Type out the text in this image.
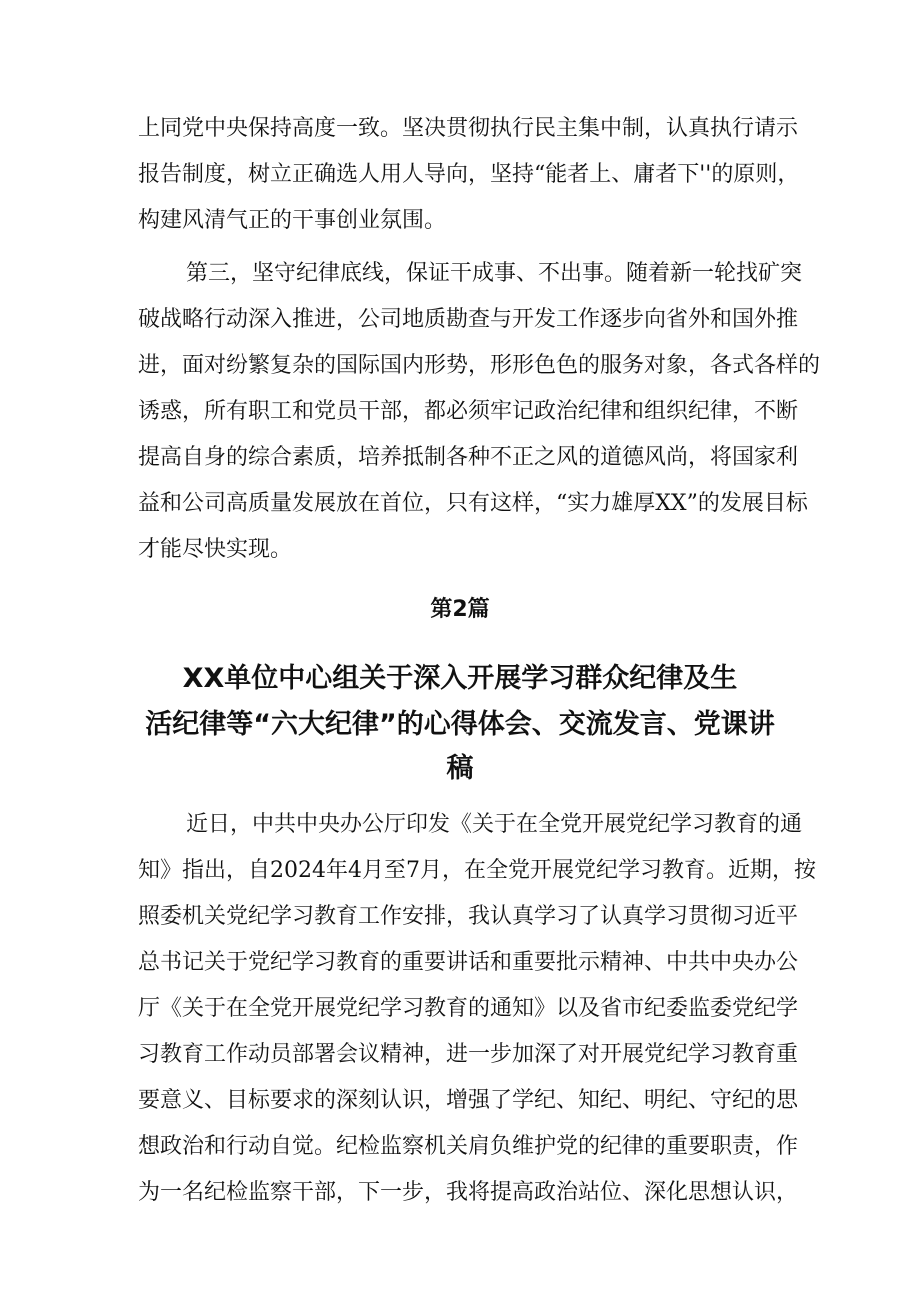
上同党中央保持高度一致。坚决贯彻执行民主集中制，认真执行请示
报告制度，树立正确选人用人导向，坚持“能者上、庸者下''的原则，
构建风清气正的干事创业氛围。
第三，坚守纪律底线，保证干成事、不出事。随着新一轮找矿突
破战略行动深入推进，公司地质勘查与开发工作逐步向省外和国外推
进，面对纷繁复杂的国际国内形势，形形色色的服务对象，各式各样的
诱惑，所有职工和党员干部，都必须牢记政治纪律和组织纪律，不断
提高自身的综合素质，培养抵制各种不正之风的道德风尚，将国家利
益和公司高质量发展放在首位，只有这样，“实力雄厚XX”的发展目标
才能尽快实现。
第2篇
XX单位中心组关于深入开展学习群众纪律及生
活纪律等“六大纪律”的心得体会、交流发言、党课讲
稿
近日，中共中央办公厅印发《关于在全党开展党纪学习教育的通
知》指出，自2024年4月至7月，在全党开展党纪学习教育。近期，按
照委机关党纪学习教育工作安排，我认真学习了认真学习贯彻习近平
总书记关于党纪学习教育的重要讲话和重要批示精神、中共中央办公
厅《关于在全党开展党纪学习教育的通知》以及省市纪委监委党纪学
习教育工作动员部署会议精神，进一步加深了对开展党纪学习教育重
要意义、目标要求的深刻认识，增强了学纪、知纪、明纪、守纪的思
想政治和行动自觉。纪检监察机关肩负维护党的纪律的重要职责，作
为一名纪检监察干部，下一步，我将提高政治站位、深化思想认识，
